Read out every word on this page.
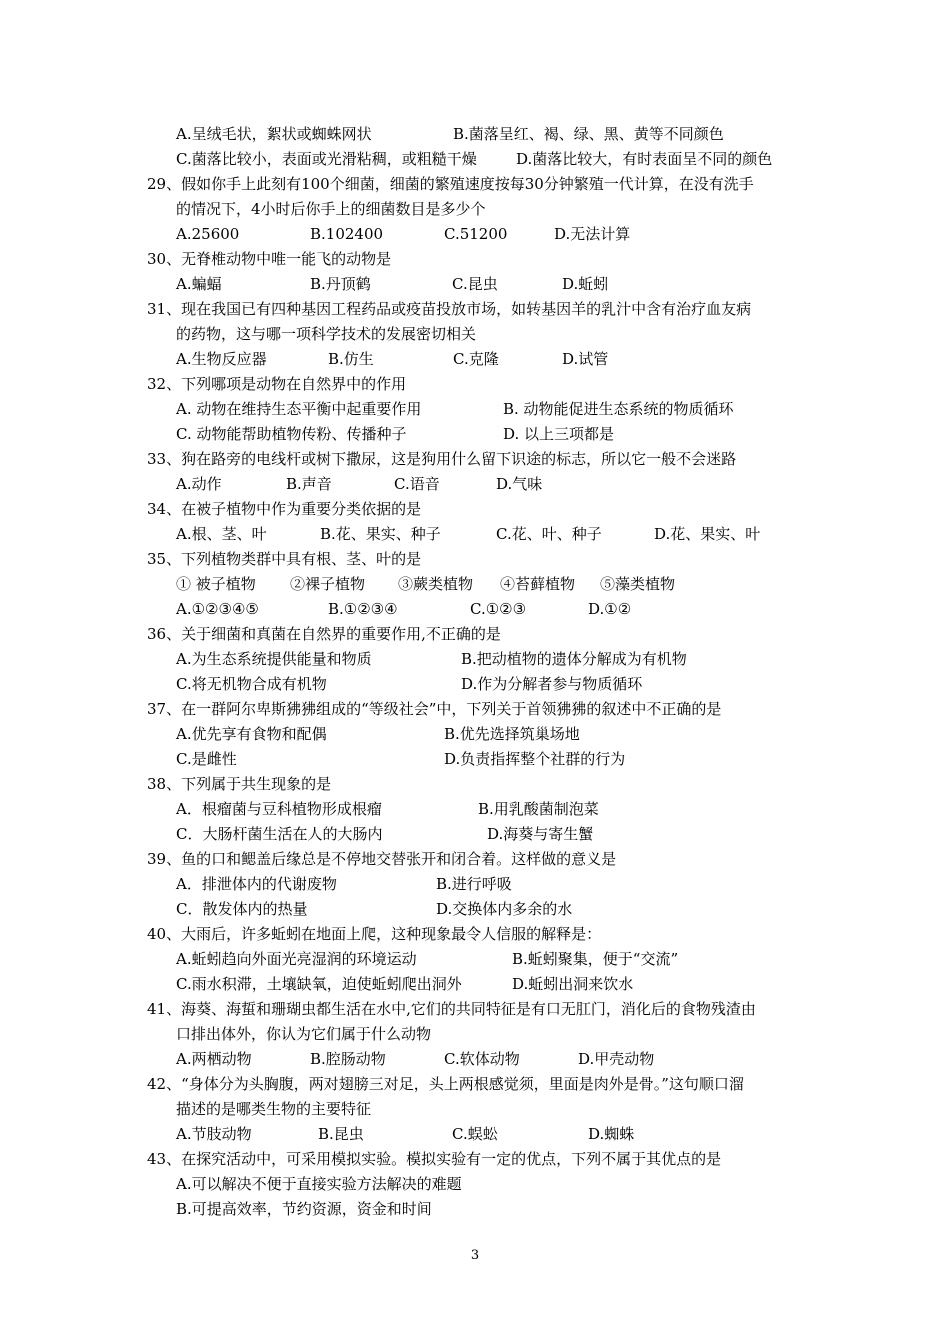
A.呈绒毛状，絮状或蜘蛛网状	B.菌落呈红、褐、绿、黑、黄等不同颜色
C.菌落比较小，表面或光滑粘稠，或粗糙干燥	D.菌落比较大，有时表面呈不同的颜色
29、假如你手上此刻有100个细菌，细菌的繁殖速度按每30分钟繁殖一代计算，在没有洗手
的情况下，4小时后你手上的细菌数目是多少个
A.25600	B.102400	C.51200	D.无法计算
30、无脊椎动物中唯一能飞的动物是
A.蝙蝠	B.丹顶鹤	C.昆虫	D.蚯蚓
31、现在我国已有四种基因工程药品或疫苗投放市场，如转基因羊的乳汁中含有治疗血友病
的药物，这与哪一项科学技术的发展密切相关
A.生物反应器	B.仿生	C.克隆	D.试管
32、下列哪项是动物在自然界中的作用
A. 动物在维持生态平衡中起重要作用	B. 动物能促进生态系统的物质循环
C. 动物能帮助植物传粉、传播种子	D. 以上三项都是
33、狗在路旁的电线杆或树下撒尿，这是狗用什么留下识途的标志，所以它一般不会迷路
A.动作	B.声音	C.语音	D.气味
34、在被子植物中作为重要分类依据的是
A.根、茎、叶	B.花、果实、种子	C.花、叶、种子	D.花、果实、叶
35、下列植物类群中具有根、茎、叶的是
① 被子植物 ②裸子植物 ③蕨类植物 ④苔藓植物 ⑤藻类植物
A.①②③④⑤	B.①②③④	C.①②③	D.①②
36、关于细菌和真菌在自然界的重要作用,不正确的是
A.为生态系统提供能量和物质	B.把动植物的遗体分解成为有机物
C.将无机物合成有机物	D.作为分解者参与物质循环
37、在一群阿尔卑斯狒狒组成的“等级社会”中，下列关于首领狒狒的叙述中不正确的是
A.优先享有食物和配偶	B.优先选择筑巢场地
C.是雌性	D.负责指挥整个社群的行为
38、下列属于共生现象的是
A．根瘤菌与豆科植物形成根瘤	B.用乳酸菌制泡菜
C．大肠杆菌生活在人的大肠内	D.海葵与寄生蟹
39、鱼的口和鳃盖后缘总是不停地交替张开和闭合着。这样做的意义是
A．排泄体内的代谢废物	B.进行呼吸
C．散发体内的热量	D.交换体内多余的水
40、大雨后，许多蚯蚓在地面上爬，这种现象最令人信服的解释是：
A.蚯蚓趋向外面光亮湿润的环境运动	B.蚯蚓聚集，便于“交流”
C.雨水积滞，土壤缺氧，迫使蚯蚓爬出洞外	D.蚯蚓出洞来饮水
41、海葵、海蜇和珊瑚虫都生活在水中,它们的共同特征是有口无肛门，消化后的食物残渣由
口排出体外，你认为它们属于什么动物
A.两栖动物	B.腔肠动物	C.软体动物	D.甲壳动物
42、“身体分为头胸腹，两对翅膀三对足，头上两根感觉须，里面是肉外是骨。”这句顺口溜
描述的是哪类生物的主要特征
A.节肢动物	B.昆虫	C.蜈蚣	D.蜘蛛
43、在探究活动中，可采用模拟实验。模拟实验有一定的优点，下列不属于其优点的是
A.可以解决不便于直接实验方法解决的难题
B.可提高效率，节约资源，资金和时间
3
